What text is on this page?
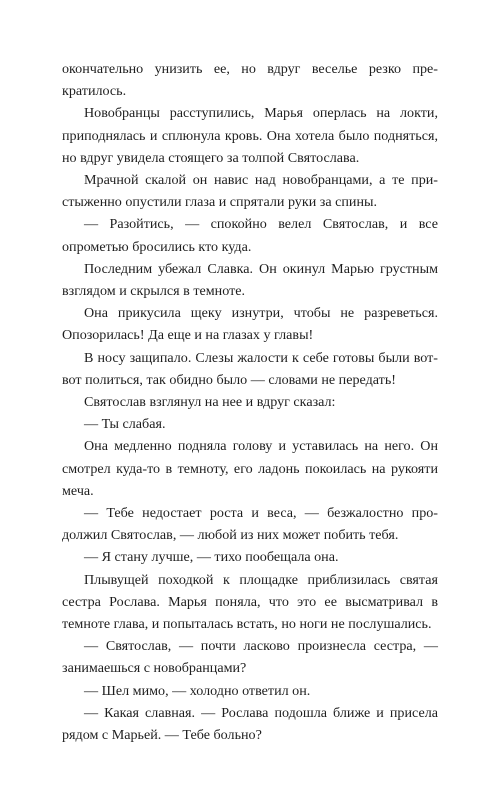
окончательно унизить ее, но вдруг веселье резко прекратилось.

Новобранцы расступились, Марья оперлась на локти, приподнялась и сплюнула кровь. Она хотела было подняться, но вдруг увидела стоящего за толпой Святослава.

Мрачной скалой он навис над новобранцами, а те пристыженно опустили глаза и спрятали руки за спины.

— Разойтись, — спокойно велел Святослав, и все опрометью бросились кто куда.

Последним убежал Славка. Он окинул Марью грустным взглядом и скрылся в темноте.

Она прикусила щеку изнутри, чтобы не разреветься. Опозорилась! Да еще и на глазах у главы!

В носу защипало. Слезы жалости к себе готовы были вот-вот политься, так обидно было — словами не передать!

Святослав взглянул на нее и вдруг сказал:

— Ты слабая.

Она медленно подняла голову и уставилась на него. Он смотрел куда-то в темноту, его ладонь покоилась на рукояти меча.

— Тебе недостает роста и веса, — безжалостно продолжил Святослав, — любой из них может побить тебя.

— Я стану лучше, — тихо пообещала она.

Плывущей походкой к площадке приблизилась святая сестра Рослава. Марья поняла, что это ее высматривал в темноте глава, и попыталась встать, но ноги не послушались.

— Святослав, — почти ласково произнесла сестра, — занимаешься с новобранцами?

— Шел мимо, — холодно ответил он.

— Какая славная. — Рослава подошла ближе и присела рядом с Марьей. — Тебе больно?
